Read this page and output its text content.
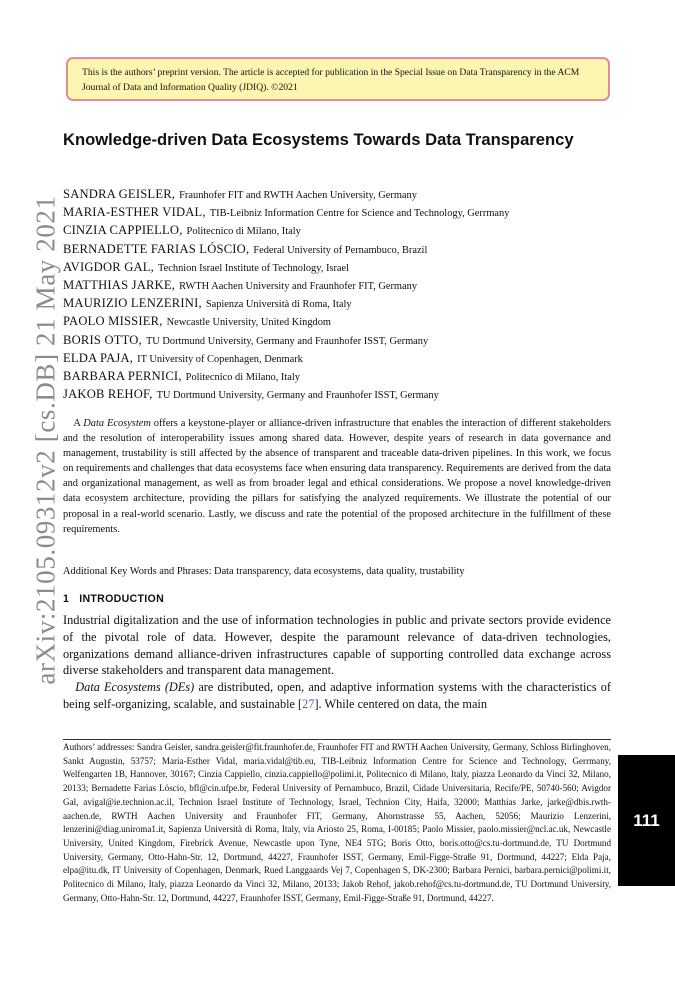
This is the authors’ preprint version. The article is accepted for publication in the Special Issue on Data Transparency in the ACM Journal of Data and Information Quality (JDIQ). ©2021
arXiv:2105.09312v2 [cs.DB] 21 May 2021
Knowledge-driven Data Ecosystems Towards Data Transparency
SANDRA GEISLER, Fraunhofer FIT and RWTH Aachen University, Germany
MARIA-ESTHER VIDAL, TIB-Leibniz Information Centre for Science and Technology, Gerrmany
CINZIA CAPPIELLO, Politecnico di Milano, Italy
BERNADETTE FARIAS LÓSCIO, Federal University of Pernambuco, Brazil
AVIGDOR GAL, Technion Israel Institute of Technology, Israel
MATTHIAS JARKE, RWTH Aachen University and Fraunhofer FIT, Germany
MAURIZIO LENZERINI, Sapienza Università di Roma, Italy
PAOLO MISSIER, Newcastle University, United Kingdom
BORIS OTTO, TU Dortmund University, Germany and Fraunhofer ISST, Germany
ELDA PAJA, IT University of Copenhagen, Denmark
BARBARA PERNICI, Politecnico di Milano, Italy
JAKOB REHOF, TU Dortmund University, Germany and Fraunhofer ISST, Germany

A Data Ecosystem offers a keystone-player or alliance-driven infrastructure that enables the interaction of different stakeholders and the resolution of interoperability issues among shared data. However, despite years of research in data governance and management, trustability is still affected by the absence of transparent and traceable data-driven pipelines. In this work, we focus on requirements and challenges that data ecosystems face when ensuring data transparency. Requirements are derived from the data and organizational management, as well as from broader legal and ethical considerations. We propose a novel knowledge-driven data ecosystem architecture, providing the pillars for satisfying the analyzed requirements. We illustrate the potential of our proposal in a real-world scenario. Lastly, we discuss and rate the potential of the proposed architecture in the fulfillment of these requirements.

Additional Key Words and Phrases: Data transparency, data ecosystems, data quality, trustability

1 INTRODUCTION

Industrial digitalization and the use of information technologies in public and private sectors provide evidence of the pivotal role of data. However, despite the paramount relevance of data-driven technologies, organizations demand alliance-driven infrastructures capable of supporting controlled data exchange across diverse stakeholders and transparent data management.

Data Ecosystems (DEs) are distributed, open, and adaptive information systems with the characteristics of being self-organizing, scalable, and sustainable [27]. While centered on data, the main

Authors’ addresses: Sandra Geisler, sandra.geisler@fit.fraunhofer.de, Fraunhofer FIT and RWTH Aachen University, Germany, Schloss Birlinghoven, Sankt Augustin, 53757; Maria-Esther Vidal, maria.vidal@tib.eu, TIB-Leibniz Information Centre for Science and Technology, Gerrmany, Welfengarten 1B, Hannover, 30167; Cinzia Cappiello, cinzia.cappiello@polimi.it, Politecnico di Milano, Italy, piazza Leonardo da Vinci 32, Milano, 20133; Bernadette Farias Lóscio, bfl@cin.ufpe.br, Federal University of Pernambuco, Brazil, Cidade Universitaria, Recife/PE, 50740-560; Avigdor Gal, avigal@ie.technion.ac.il, Technion Israel Institute of Technology, Israel, Technion City, Haifa, 32000; Matthias Jarke, jarke@dbis.rwth-aachen.de, RWTH Aachen University and Fraunhofer FIT, Germany, Ahornstrasse 55, Aachen, 52056; Maurizio Lenzerini, lenzerini@diag.uniroma1.it, Sapienza Università di Roma, Italy, via Ariosto 25, Roma, I-00185; Paolo Missier, paolo.missier@ncl.ac.uk, Newcastle University, United Kingdom, Firebrick Avenue, Newcastle upon Tyne, NE4 5TG; Boris Otto, boris.otto@cs.tu-dortmund.de, TU Dortmund University, Germany, Otto-Hahn-Str. 12, Dortmund, 44227, Fraunhofer ISST, Germany, Emil-Figge-Straße 91, Dortmund, 44227; Elda Paja, elpa@itu.dk, IT University of Copenhagen, Denmark, Rued Langgaards Vej 7, Copenhagen S, DK-2300; Barbara Pernici, barbara.pernici@polimi.it, Politecnico di Milano, Italy, piazza Leonardo da Vinci 32, Milano, 20133; Jakob Rehof, jakob.rehof@cs.tu-dortmund.de, TU Dortmund University, Germany, Otto-Hahn-Str. 12, Dortmund, 44227, Fraunhofer ISST, Germany, Emil-Figge-Straße 91, Dortmund, 44227.

111
